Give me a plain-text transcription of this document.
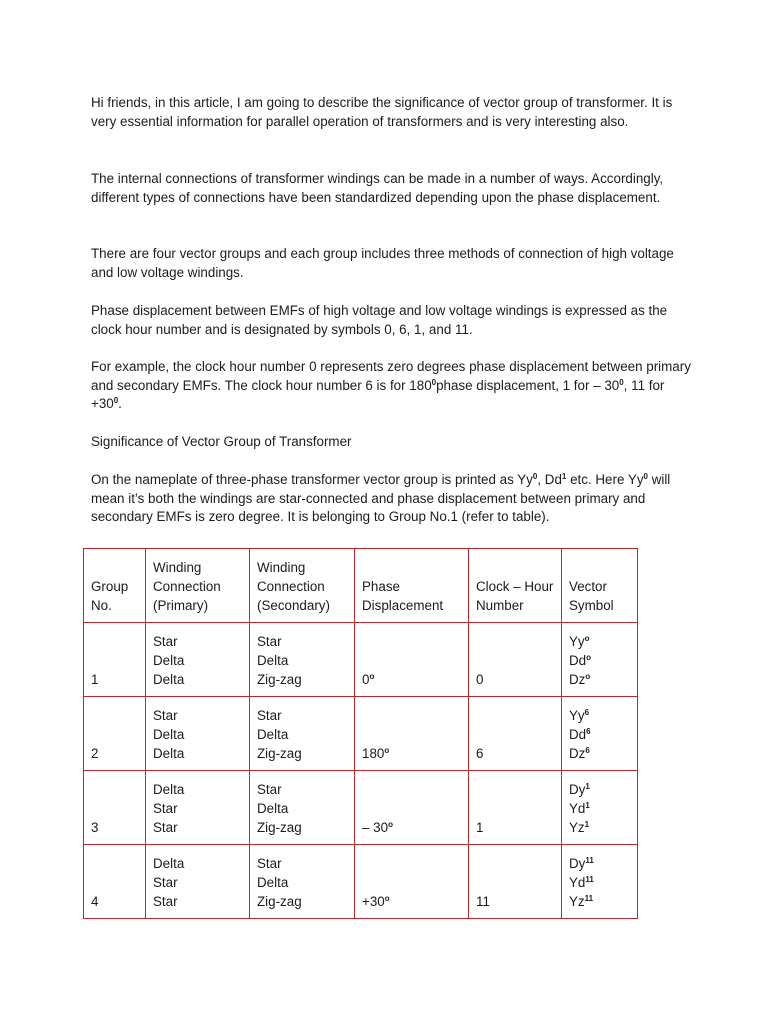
Hi friends, in this article, I am going to describe the significance of vector group of transformer. It is very essential information for parallel operation of transformers and is very interesting also.

The internal connections of transformer windings can be made in a number of ways. Accordingly, different types of connections have been standardized depending upon the phase displacement.

There are four vector groups and each group includes three methods of connection of high voltage and low voltage windings.

Phase displacement between EMFs of high voltage and low voltage windings is expressed as the clock hour number and is designated by symbols 0, 6, 1, and 11.

For example, the clock hour number 0 represents zero degrees phase displacement between primary and secondary EMFs. The clock hour number 6 is for $180^0phase$ displacement, 1 for – $30^0$, 11 for $+30^0$.

Significance of Vector Group of Transformer

On the nameplate of three-phase transformer vector group is printed as Yy$^0$, Dd$^1$ etc. Here Yy$^0$ will mean it’s both the windings are star-connected and phase displacement between primary and secondary EMFs is zero degree. It is belonging to Group No.1 (refer to table).

Group
No.	Winding
Connection
(Primary)	Winding
Connection
(Secondary)	Phase
Displacement	Clock – Hour
Number	Vector
Symbol

1	Star
Delta
Delta	Star
Delta
Zig-zag	0$^o$	0	Yy$^o$
Dd$^o$
Dz$^o$

2	Star
Delta
Delta	Star
Delta
Zig-zag	180$^o$	6	Yy$^6$
Dd$^6$
Dz$^6$

3	Delta
Star
Star	Star
Delta
Zig-zag	– 30$^o$	1	Dy$^1$
Yd$^1$
Yz$^1$

4	Delta
Star
Star	Star
Delta
Zig-zag	$+30^o$	11	Dy$^{11}$
Yd$^{11}$
Yz$^{11}$
